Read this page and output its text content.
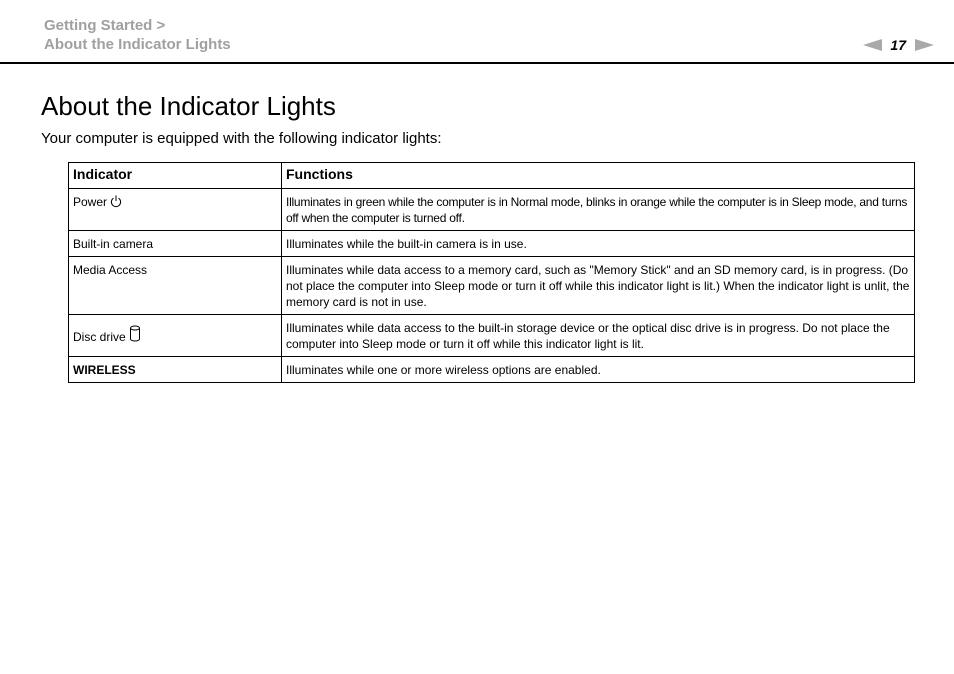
Getting Started >
About the Indicator Lights	17
About the Indicator Lights

Your computer is equipped with the following indicator lights:

Indicator	Functions
Power	Illuminates in green while the computer is in Normal mode, blinks in orange while the computer is in Sleep mode, and turns off when the computer is turned off.
Built-in camera	Illuminates while the built-in camera is in use.
Media Access	Illuminates while data access to a memory card, such as "Memory Stick" and an SD memory card, is in progress. (Do not place the computer into Sleep mode or turn it off while this indicator light is lit.) When the indicator light is unlit, the memory card is not in use.
Disc drive	Illuminates while data access to the built-in storage device or the optical disc drive is in progress. Do not place the computer into Sleep mode or turn it off while this indicator light is lit.
WIRELESS	Illuminates while one or more wireless options are enabled.
